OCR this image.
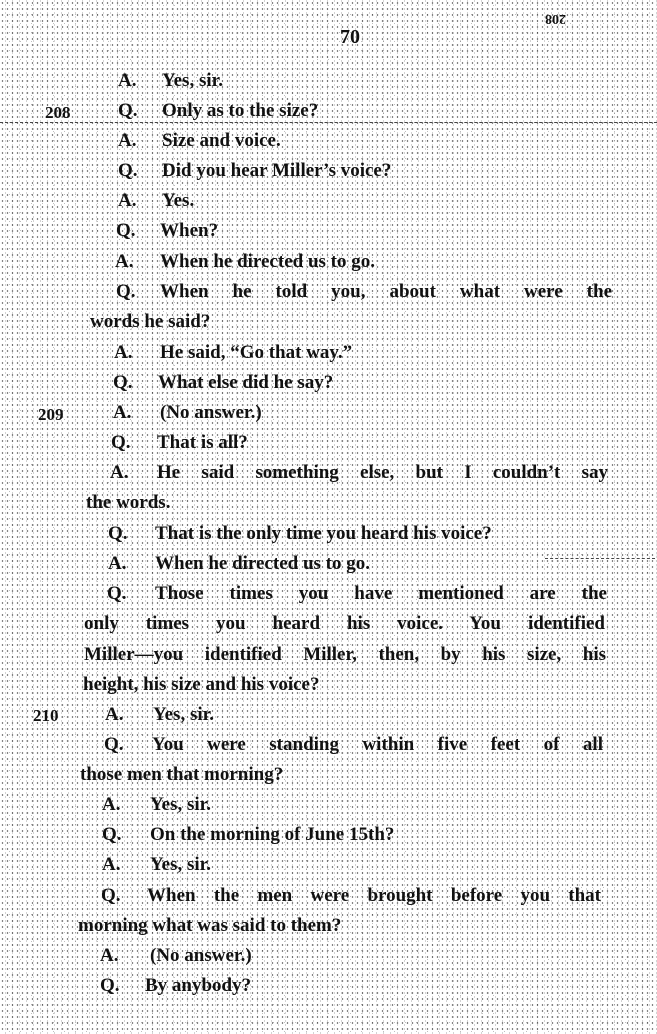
208
70
A. Yes, sir.
208	Q. Only as to the size?
A. Size and voice.
Q. Did you hear Miller’s voice?
A. Yes.
Q. When?
A. When he directed us to go.
Q. When he told you, about what were the
words he said?
A. He said, “Go that way.”
Q. What else did he say?
209	A. (No answer.)
Q. That is all?
A. He said something else, but I couldn’t say
the words.
Q. That is the only time you heard his voice?
A. When he directed us to go.
Q. Those times you have mentioned are the
only times you heard his voice. You identified
Miller—you identified Miller, then, by his size, his
height, his size and his voice?
210 A. Yes, sir.
Q. You were standing within five feet of all
those men that morning?
A. Yes, sir.
Q. On the morning of June 15th?
A. Yes, sir.
Q. When the men were brought before you that
morning what was said to them?
A. (No answer.)
Q. By anybody?
